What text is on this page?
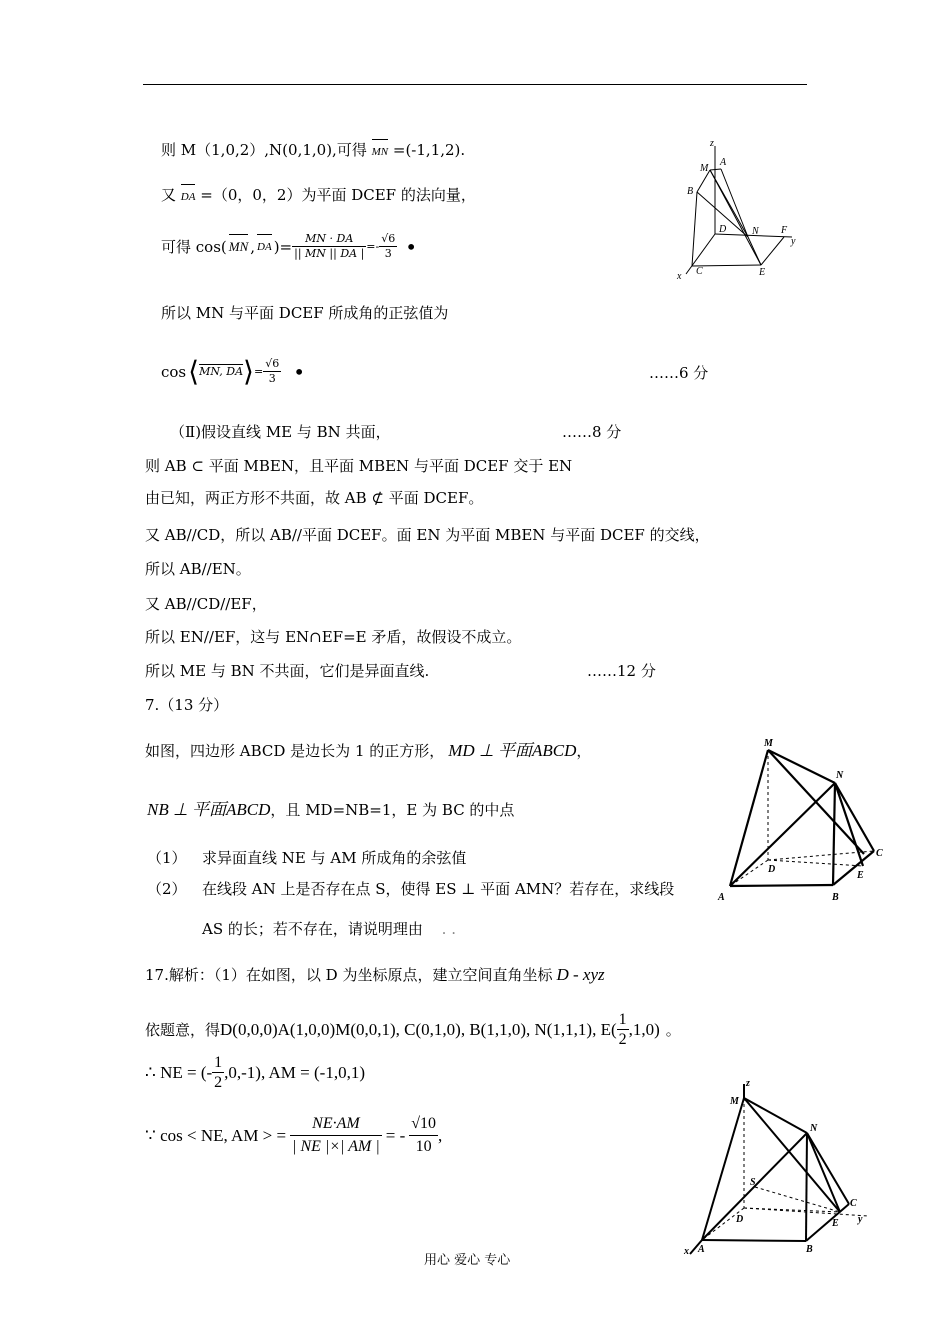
则 M（1,0,2）,N(0,1,0),可得 MN =(-1,1,2).
又 DA =（0，0，2）为平面 DCEF 的法向量，
可得 cos( MN , DA )= $\frac{MN \cdot DA}{|| MN || DA |} =- \frac{√6}{3}$ •
所以 MN 与平面 DCEF 所成角的正弦值为
cos ⟨ MN, DA ⟩ = $\frac{√6}{3}$ •	……6 分
（Ⅱ)假设直线 ME 与 BN 共面，	……8 分
则 AB ⊂ 平面 MBEN，且平面 MBEN 与平面 DCEF 交于 EN
由已知，两正方形不共面，故 AB ⊄ 平面 DCEF。
又 AB//CD，所以 AB//平面 DCEF。面 EN 为平面 MBEN 与平面 DCEF 的交线，
所以 AB//EN。
又 AB//CD//EF，
所以 EN//EF，这与 EN∩EF=E 矛盾，故假设不成立。
所以 ME 与 BN 不共面，它们是异面直线.	……12 分
7.（13 分）
如图，四边形 ABCD 是边长为 1 的正方形， MD ⊥ 平面ABCD ，
NB ⊥ 平面ABCD ，且 MD=NB=1，E 为 BC 的中点
（1） 求异面直线 NE 与 AM 所成角的余弦值
（2） 在线段 AN 上是否存在点 S，使得 ES ⊥ 平面 AMN？若存在，求线段
AS 的长；若不存在，请说明理由 . .
17.解析：（1）在如图，以 D 为坐标原点，建立空间直角坐标 D - xyz
依题意，得 D(0,0,0)A(1,0,0)M(0,0,1), C(0,1,0), B(1,1,0), N(1,1,1), $E( \frac{1}{2} ,1,0)$ 。
∴ NE = (- $\frac{1}{2} ,0,-1$), AM = (-1,0,1)
∵ cos < NE, AM > = $\frac{NE\cdot AM}{| NE |\times| AM |}$ = - $\frac{√10}{10}$ ,
用心 爱心 专心
z
A
M
B
D	N F
y
C	E
x
M
N
D
C
E
A	B
z
M
N
S
D
C
y
E
A	B
x
